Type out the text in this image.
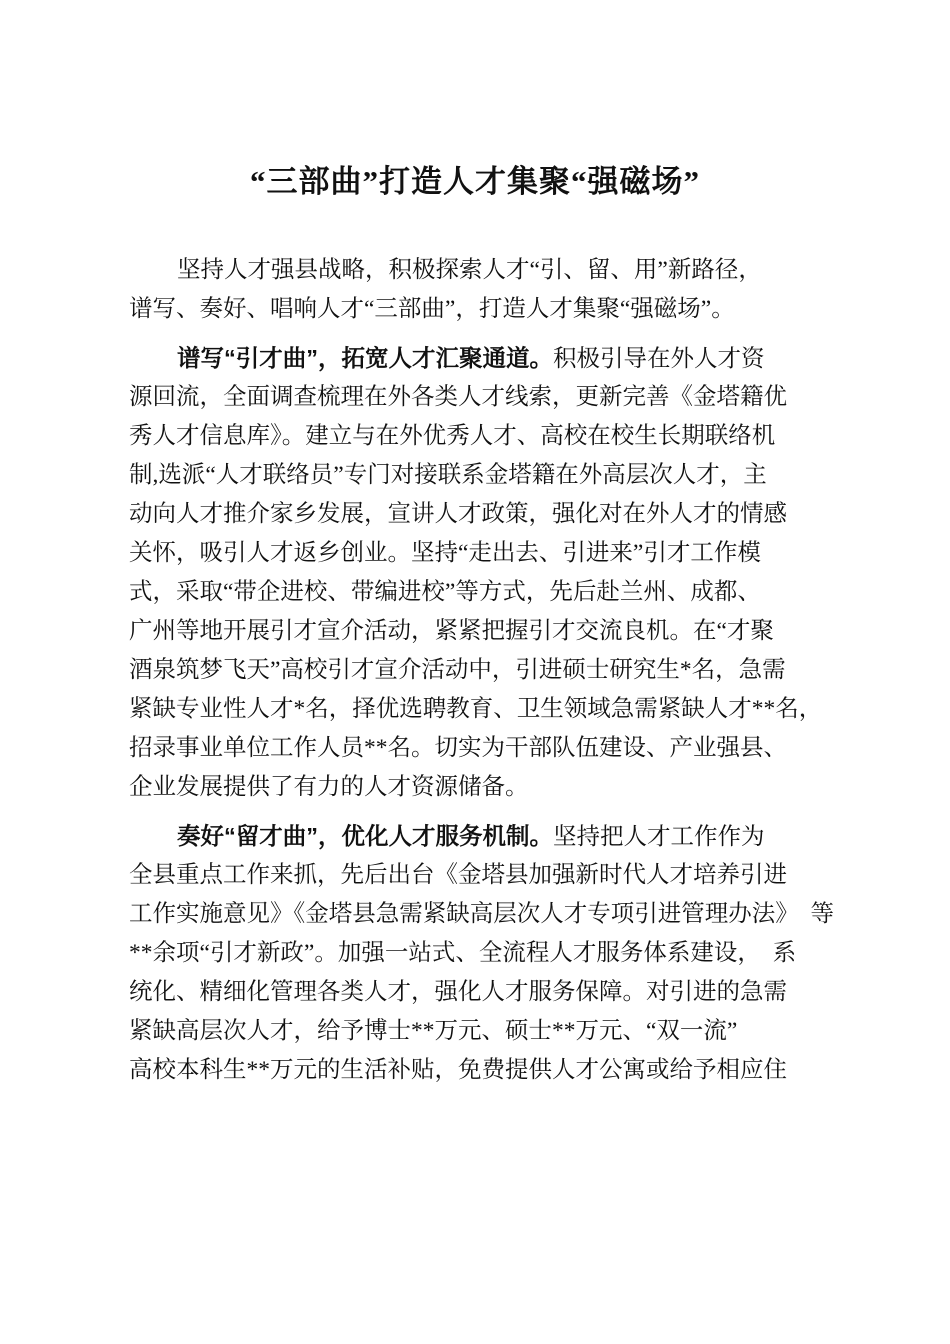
“三部曲”打造人才集聚“强磁场”
坚持人才强县战略，积极探索人才“引、留、用”新路径，
谱写、奏好、唱响人才“三部曲”，打造人才集聚“强磁场”。
谱写“引才曲”，拓宽人才汇聚通道。积极引导在外人才资
源回流，全面调查梳理在外各类人才线索，更新完善《金塔籍优
秀人才信息库》。建立与在外优秀人才、高校在校生长期联络机
制,选派“人才联络员”专门对接联系金塔籍在外高层次人才，主
动向人才推介家乡发展，宣讲人才政策，强化对在外人才的情感
关怀，吸引人才返乡创业。坚持“走出去、引进来”引才工作模
式，采取“带企进校、带编进校”等方式，先后赴兰州、成都、
广州等地开展引才宣介活动，紧紧把握引才交流良机。在“才聚
酒泉筑梦飞天”高校引才宣介活动中，引进硕士研究生*名，急需
紧缺专业性人才*名，择优选聘教育、卫生领域急需紧缺人才**名，
招录事业单位工作人员**名。切实为干部队伍建设、产业强县、
企业发展提供了有力的人才资源储备。
奏好“留才曲”，优化人才服务机制。坚持把人才工作作为
全县重点工作来抓，先后出台《金塔县加强新时代人才培养引进
工作实施意见》《金塔县急需紧缺高层次人才专项引进管理办法》　等
**余项“引才新政”。加强一站式、全流程人才服务体系建设，　系
统化、精细化管理各类人才，强化人才服务保障。对引进的急需
紧缺高层次人才，给予博士**万元、硕士**万元、“双一流”
高校本科生**万元的生活补贴，免费提供人才公寓或给予相应住
